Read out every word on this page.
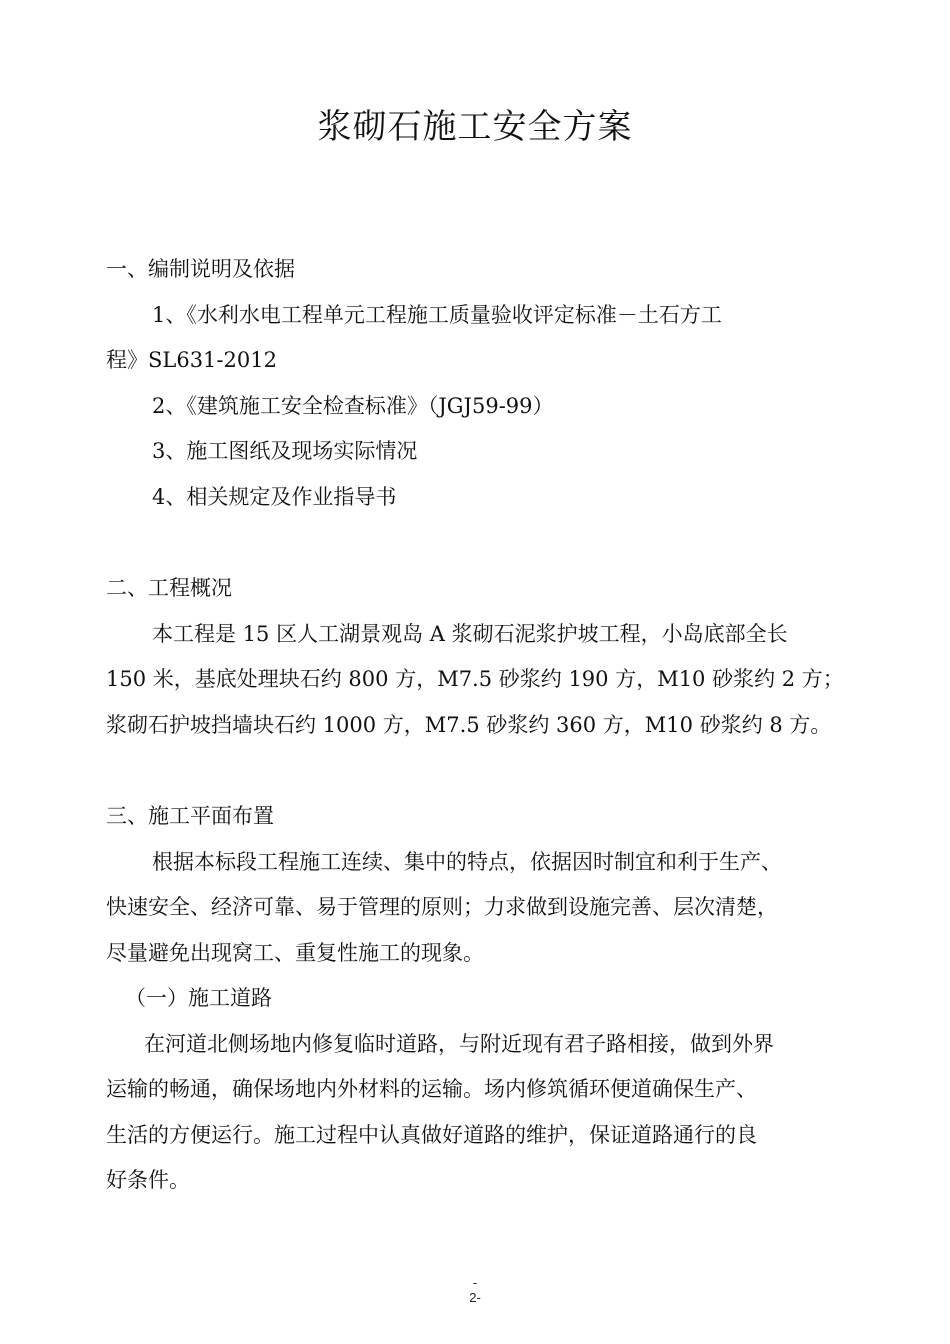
浆砌石施工安全方案

一、编制说明及依据

1、《水利水电工程单元工程施工质量验收评定标准－土石方工

程》SL631-2012

2、《建筑施工安全检查标准》（JGJ59-99）

3、施工图纸及现场实际情况

4、相关规定及作业指导书

二、工程概况

本工程是 15 区人工湖景观岛 A 浆砌石泥浆护坡工程，小岛底部全长

150 米，基底处理块石约 800 方，M7.5 砂浆约 190 方，M10 砂浆约 2 方；

浆砌石护坡挡墙块石约 1000 方，M7.5 砂浆约 360 方，M10 砂浆约 8 方。

三、施工平面布置

根据本标段工程施工连续、集中的特点，依据因时制宜和利于生产、

快速安全、经济可靠、易于管理的原则；力求做到设施完善、层次清楚，

尽量避免出现窝工、重复性施工的现象。

（一）施工道路

在河道北侧场地内修复临时道路，与附近现有君子路相接，做到外界

运输的畅通，确保场地内外材料的运输。场内修筑循环便道确保生产、

生活的方便运行。施工过程中认真做好道路的维护，保证道路通行的良

好条件。

-
2-
